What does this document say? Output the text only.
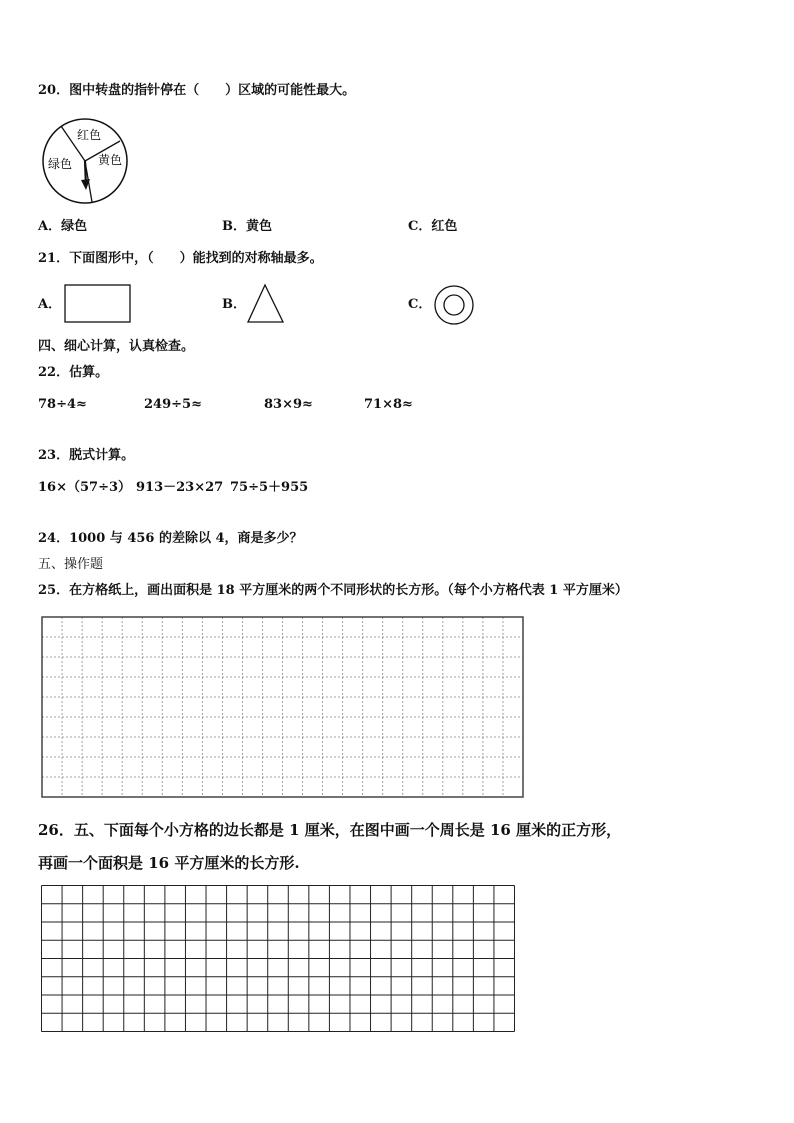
20．图中转盘的指针停在（　　）区域的可能性最大。
红色
绿色 黄色
A．绿色	B．黄色	C．红色
21．下面图形中，（　　）能找到的对称轴最多。
A．	B．	C．
四、细心计算，认真检查。
22．估算。
78÷4≈	249÷5≈	83×9≈	71×8≈
23．脱式计算。
16×（57÷3） 913－23×27 75÷5＋955
24．1000 与 456 的差除以 4，商是多少？
五、操作题
25．在方格纸上，画出面积是 18 平方厘米的两个不同形状的长方形。（每个小方格代表 1 平方厘米）
26．五、下面每个小方格的边长都是 1 厘米，在图中画一个周长是 16 厘米的正方形，
再画一个面积是 16 平方厘米的长方形.
